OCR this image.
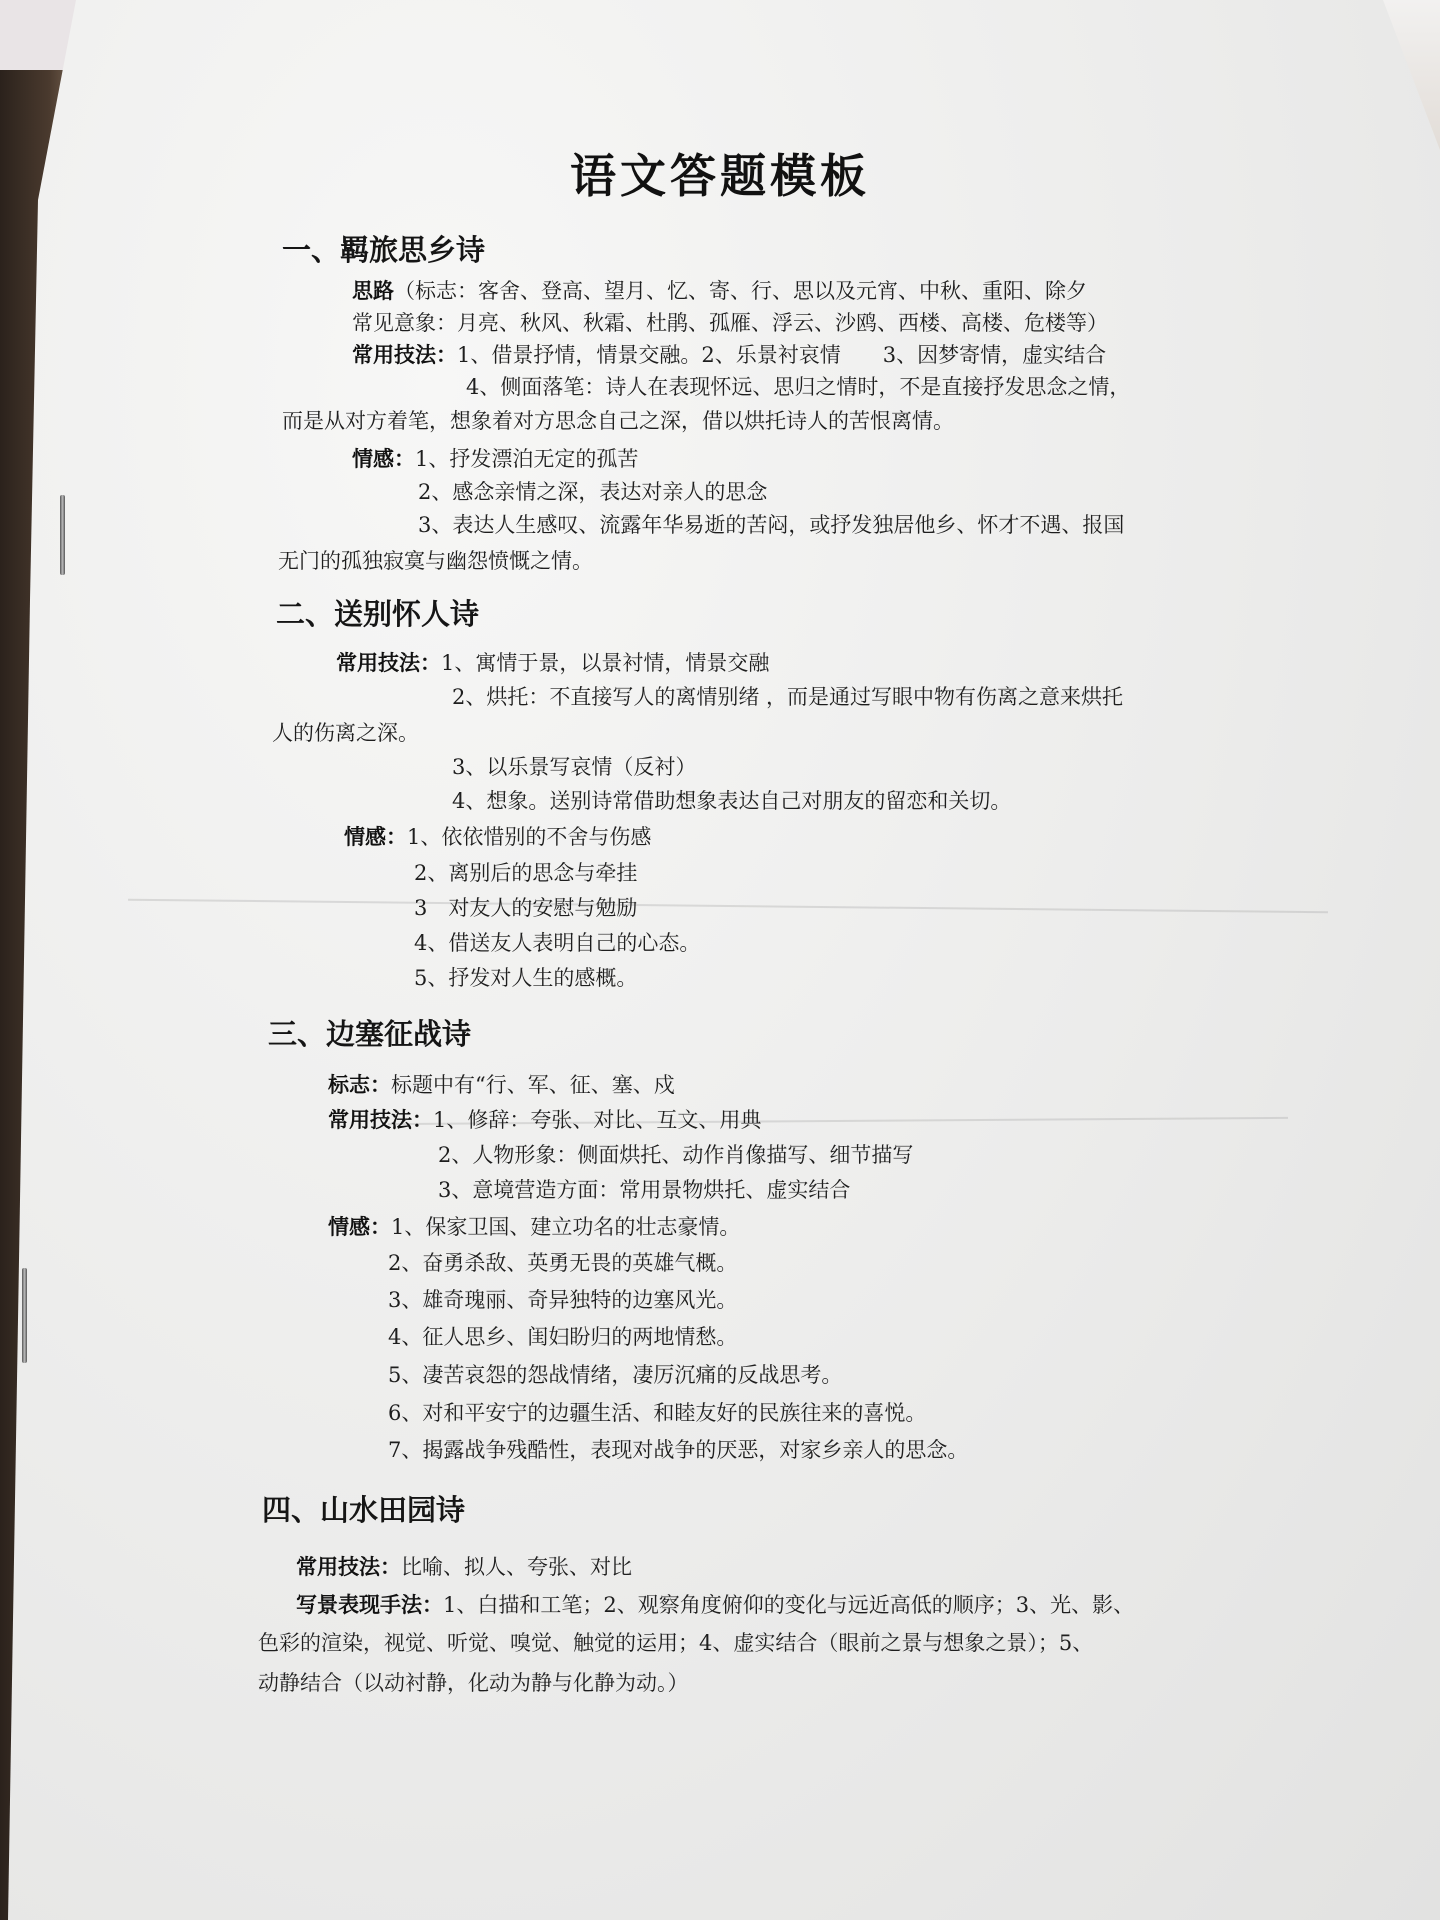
语文答题模板
一、羁旅思乡诗
思路（标志：客舍、登高、望月、忆、寄、行、思以及元宵、中秋、重阳、除夕
常见意象：月亮、秋风、秋霜、杜鹃、孤雁、浮云、沙鸥、西楼、高楼、危楼等）
常用技法：1、借景抒情，情景交融。2、乐景衬哀情　　3、因梦寄情，虚实结合
4、侧面落笔：诗人在表现怀远、思归之情时，不是直接抒发思念之情，
而是从对方着笔，想象着对方思念自己之深，借以烘托诗人的苦恨离情。
情感：1、抒发漂泊无定的孤苦
2、感念亲情之深，表达对亲人的思念
3、表达人生感叹、流露年华易逝的苦闷，或抒发独居他乡、怀才不遇、报国
无门的孤独寂寞与幽怨愤慨之情。
二、送别怀人诗
常用技法：1、寓情于景，以景衬情，情景交融
2、烘托：不直接写人的离情别绪 ，而是通过写眼中物有伤离之意来烘托
人的伤离之深。
3、以乐景写哀情（反衬）
4、想象。送别诗常借助想象表达自己对朋友的留恋和关切。
情感：1、依依惜别的不舍与伤感
2、离别后的思念与牵挂
3　对友人的安慰与勉励
4、借送友人表明自己的心态。
5、抒发对人生的感概。
三、边塞征战诗
标志：标题中有“行、军、征、塞、戍
常用技法：1、修辞：夸张、对比、互文、用典
2、人物形象：侧面烘托、动作肖像描写、细节描写
3、意境营造方面：常用景物烘托、虚实结合
情感：1、保家卫国、建立功名的壮志豪情。
2、奋勇杀敌、英勇无畏的英雄气概。
3、雄奇瑰丽、奇异独特的边塞风光。
4、征人思乡、闺妇盼归的两地情愁。
5、凄苦哀怨的怨战情绪，凄厉沉痛的反战思考。
6、对和平安宁的边疆生活、和睦友好的民族往来的喜悦。
7、揭露战争残酷性，表现对战争的厌恶，对家乡亲人的思念。
四、山水田园诗
常用技法：比喻、拟人、夸张、对比
写景表现手法：1、白描和工笔；2、观察角度俯仰的变化与远近高低的顺序；3、光、影、
色彩的渲染，视觉、听觉、嗅觉、触觉的运用；4、虚实结合（眼前之景与想象之景）；5、
动静结合（以动衬静，化动为静与化静为动。）
